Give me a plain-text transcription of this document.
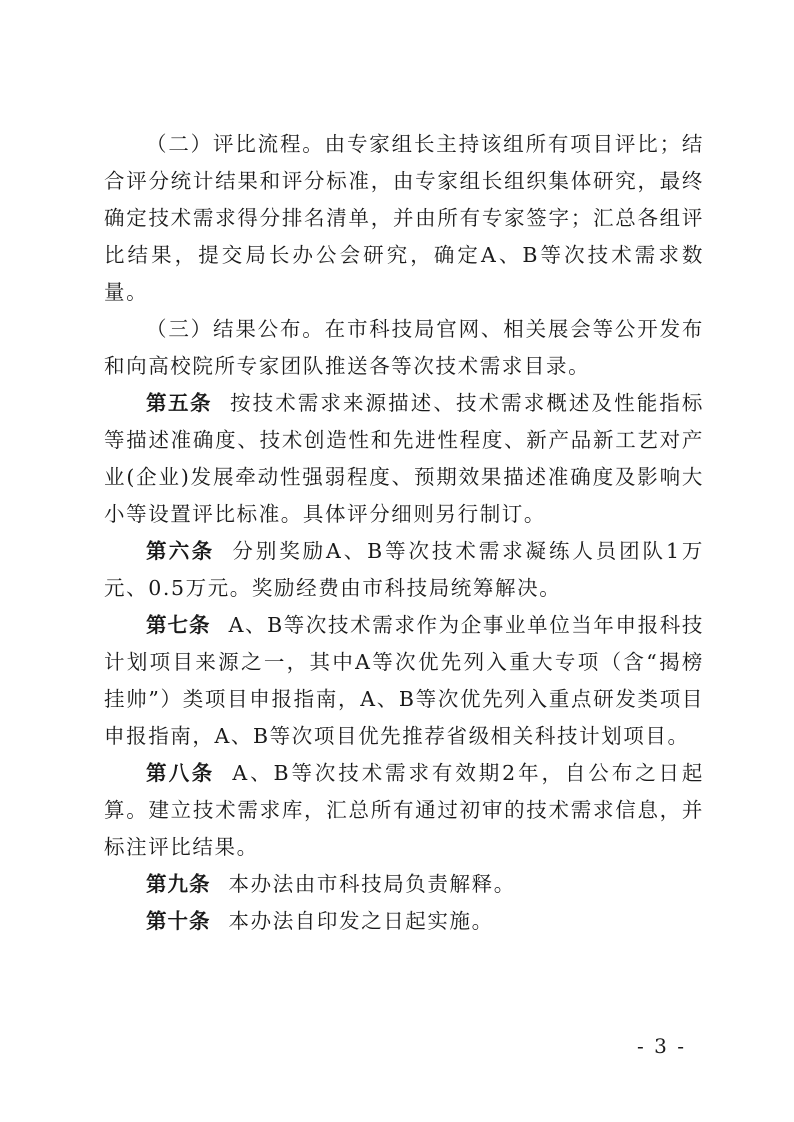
（二）评比流程。由专家组长主持该组所有项目评比；结合评分统计结果和评分标准，由专家组长组织集体研究，最终确定技术需求得分排名清单，并由所有专家签字；汇总各组评比结果，提交局长办公会研究，确定A、B等次技术需求数量。

（三）结果公布。在市科技局官网、相关展会等公开发布和向高校院所专家团队推送各等次技术需求目录。

第五条 按技术需求来源描述、技术需求概述及性能指标等描述准确度、技术创造性和先进性程度、新产品新工艺对产业(企业)发展牵动性强弱程度、预期效果描述准确度及影响大小等设置评比标准。具体评分细则另行制订。

第六条 分别奖励A、B等次技术需求凝练人员团队1万元、0.5万元。奖励经费由市科技局统筹解决。

第七条 A、B等次技术需求作为企事业单位当年申报科技计划项目来源之一，其中A等次优先列入重大专项（含“揭榜挂帅”）类项目申报指南，A、B等次优先列入重点研发类项目申报指南，A、B等次项目优先推荐省级相关科技计划项目。

第八条 A、B等次技术需求有效期2年，自公布之日起算。建立技术需求库，汇总所有通过初审的技术需求信息，并标注评比结果。

第九条 本办法由市科技局负责解释。

第十条 本办法自印发之日起实施。

- 3 -
